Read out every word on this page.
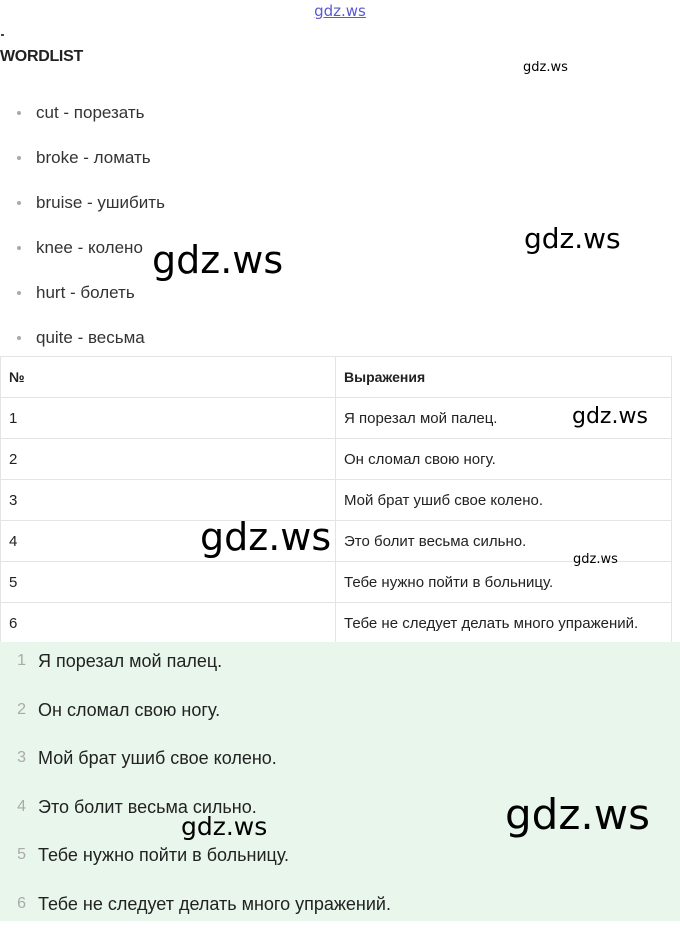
gdz.ws
WORDLIST
cut - порезать
broke - ломать
bruise - ушибить
knee - колено
hurt - болеть
quite - весьма
№	Выражения
1	Я порезал мой палец.
2	Он сломал свою ногу.
3	Мой брат ушиб свое колено.
4	Это болит весьма сильно.
5	Тебе нужно пойти в больницу.
6	Тебе не следует делать много упражений.
1 Я порезал мой палец.
2 Он сломал свою ногу.
3 Мой брат ушиб свое колено.
4 Это болит весьма сильно.
5 Тебе нужно пойти в больницу.
6 Тебе не следует делать много упражений.
gdz.ws
gdz.ws
gdz.ws
gdz.ws
gdz.ws
gdz.ws
gdz.ws
gdz.ws
